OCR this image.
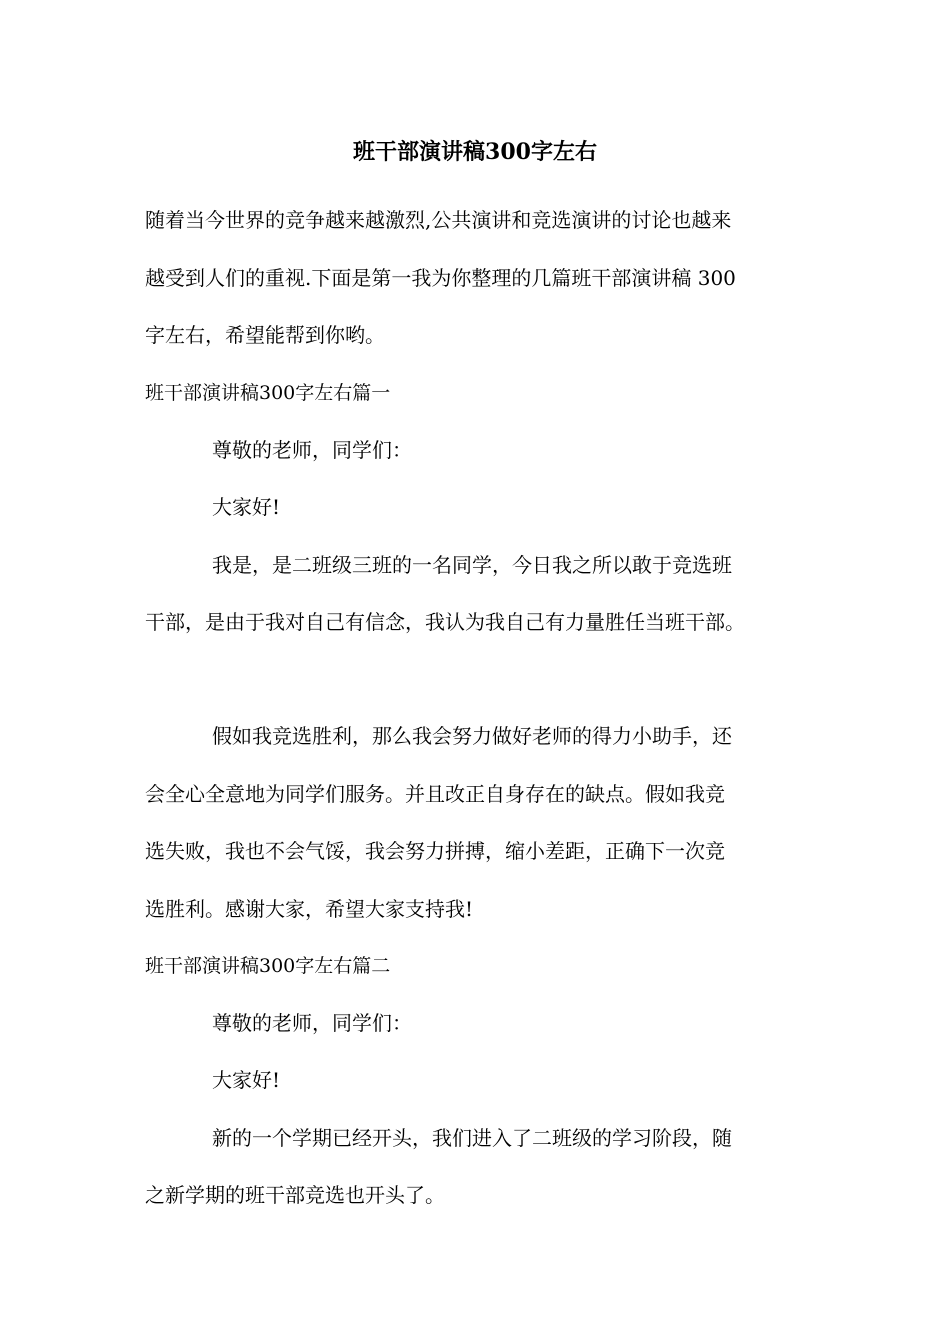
班干部演讲稿300字左右

随着当今世界的竞争越来越激烈,公共演讲和竞选演讲的讨论也越来

越受到人们的重视.下面是第一我为你整理的几篇班干部演讲稿 300

字左右，希望能帮到你哟。

班干部演讲稿300字左右篇一

尊敬的老师，同学们：

大家好!

我是，是二班级三班的一名同学，今日我之所以敢于竞选班

干部，是由于我对自己有信念，我认为我自己有力量胜任当班干部。

假如我竞选胜利，那么我会努力做好老师的得力小助手，还

会全心全意地为同学们服务。并且改正自身存在的缺点。假如我竞

选失败，我也不会气馁，我会努力拼搏，缩小差距，正确下一次竞

选胜利。感谢大家，希望大家支持我!

班干部演讲稿300字左右篇二

尊敬的老师，同学们：

大家好!

新的一个学期已经开头，我们进入了二班级的学习阶段，随

之新学期的班干部竞选也开头了。
